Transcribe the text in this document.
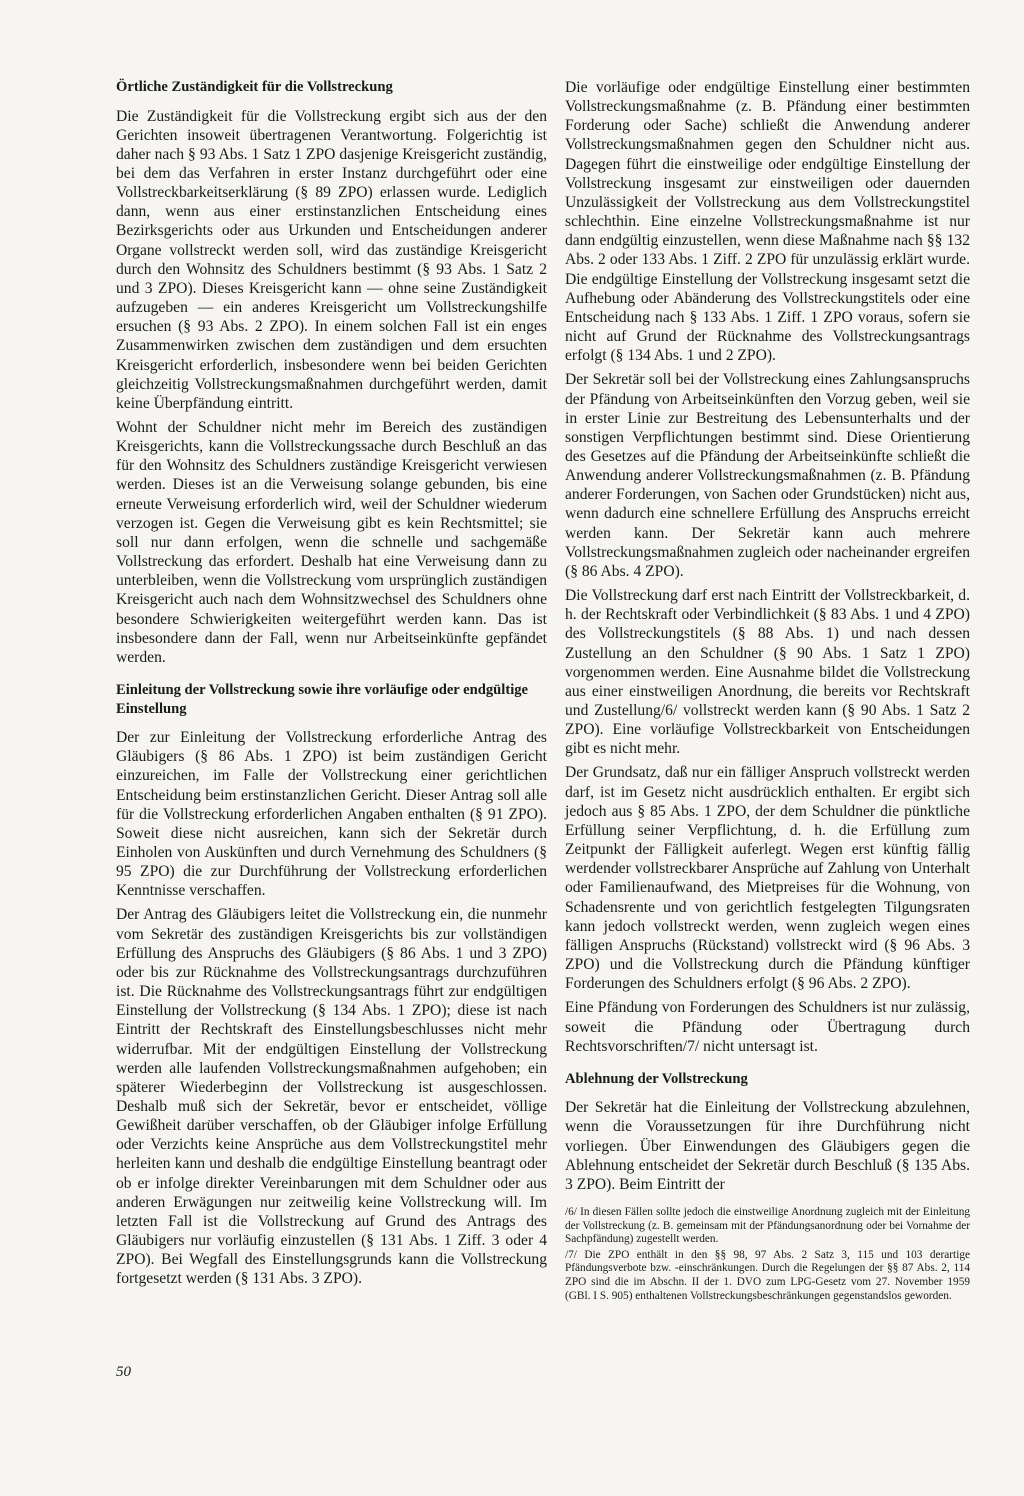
Örtliche Zuständigkeit für die Vollstreckung

Die Zuständigkeit für die Vollstreckung ergibt sich aus der den Gerichten insoweit übertragenen Verantwortung. Folgerichtig ist daher nach § 93 Abs. 1 Satz 1 ZPO dasjenige Kreisgericht zuständig, bei dem das Verfahren in erster Instanz durchgeführt oder eine Vollstreckbarkeitserklärung (§ 89 ZPO) erlassen wurde. Lediglich dann, wenn aus einer erstinstanzlichen Entscheidung eines Bezirksgerichts oder aus Urkunden und Entscheidungen anderer Organe vollstreckt werden soll, wird das zuständige Kreisgericht durch den Wohnsitz des Schuldners bestimmt (§ 93 Abs. 1 Satz 2 und 3 ZPO). Dieses Kreisgericht kann — ohne seine Zuständigkeit aufzugeben — ein anderes Kreisgericht um Vollstreckungshilfe ersuchen (§ 93 Abs. 2 ZPO). In einem solchen Fall ist ein enges Zusammenwirken zwischen dem zuständigen und dem ersuchten Kreisgericht erforderlich, insbesondere wenn bei beiden Gerichten gleichzeitig Vollstreckungsmaßnahmen durchgeführt werden, damit keine Überpfändung eintritt.

Wohnt der Schuldner nicht mehr im Bereich des zuständigen Kreisgerichts, kann die Vollstreckungssache durch Beschluß an das für den Wohnsitz des Schuldners zuständige Kreisgericht verwiesen werden. Dieses ist an die Verweisung solange gebunden, bis eine erneute Verweisung erforderlich wird, weil der Schuldner wiederum verzogen ist. Gegen die Verweisung gibt es kein Rechtsmittel; sie soll nur dann erfolgen, wenn die schnelle und sachgemäße Vollstreckung das erfordert. Deshalb hat eine Verweisung dann zu unterbleiben, wenn die Vollstreckung vom ursprünglich zuständigen Kreisgericht auch nach dem Wohnsitzwechsel des Schuldners ohne besondere Schwierigkeiten weitergeführt werden kann. Das ist insbesondere dann der Fall, wenn nur Arbeitseinkünfte gepfändet werden.

Einleitung der Vollstreckung sowie ihre vorläufige oder endgültige Einstellung

Der zur Einleitung der Vollstreckung erforderliche Antrag des Gläubigers (§ 86 Abs. 1 ZPO) ist beim zuständigen Gericht einzureichen, im Falle der Vollstreckung einer gerichtlichen Entscheidung beim erstinstanzlichen Gericht. Dieser Antrag soll alle für die Vollstreckung erforderlichen Angaben enthalten (§ 91 ZPO). Soweit diese nicht ausreichen, kann sich der Sekretär durch Einholen von Auskünften und durch Vernehmung des Schuldners (§ 95 ZPO) die zur Durchführung der Vollstreckung erforderlichen Kenntnisse verschaffen.

Der Antrag des Gläubigers leitet die Vollstreckung ein, die nunmehr vom Sekretär des zuständigen Kreisgerichts bis zur vollständigen Erfüllung des Anspruchs des Gläubigers (§ 86 Abs. 1 und 3 ZPO) oder bis zur Rücknahme des Vollstreckungsantrags durchzuführen ist. Die Rücknahme des Vollstreckungsantrags führt zur endgültigen Einstellung der Vollstreckung (§ 134 Abs. 1 ZPO); diese ist nach Eintritt der Rechtskraft des Einstellungsbeschlusses nicht mehr widerrufbar. Mit der endgültigen Einstellung der Vollstreckung werden alle laufenden Vollstreckungsmaßnahmen aufgehoben; ein späterer Wiederbeginn der Vollstreckung ist ausgeschlossen. Deshalb muß sich der Sekretär, bevor er entscheidet, völlige Gewißheit darüber verschaffen, ob der Gläubiger infolge Erfüllung oder Verzichts keine Ansprüche aus dem Vollstreckungstitel mehr herleiten kann und deshalb die endgültige Einstellung beantragt oder ob er infolge direkter Vereinbarungen mit dem Schuldner oder aus anderen Erwägungen nur zeitweilig keine Vollstreckung will. Im letzten Fall ist die Vollstreckung auf Grund des Antrags des Gläubigers nur vorläufig einzustellen (§ 131 Abs. 1 Ziff. 3 oder 4 ZPO). Bei Wegfall des Einstellungsgrunds kann die Vollstreckung fortgesetzt werden (§ 131 Abs. 3 ZPO).

Die vorläufige oder endgültige Einstellung einer bestimmten Vollstreckungsmaßnahme (z. B. Pfändung einer bestimmten Forderung oder Sache) schließt die Anwendung anderer Vollstreckungsmaßnahmen gegen den Schuldner nicht aus. Dagegen führt die einstweilige oder endgültige Einstellung der Vollstreckung insgesamt zur einstweiligen oder dauernden Unzulässigkeit der Vollstreckung aus dem Vollstreckungstitel schlechthin. Eine einzelne Vollstreckungsmaßnahme ist nur dann endgültig einzustellen, wenn diese Maßnahme nach §§ 132 Abs. 2 oder 133 Abs. 1 Ziff. 2 ZPO für unzulässig erklärt wurde. Die endgültige Einstellung der Vollstreckung insgesamt setzt die Aufhebung oder Abänderung des Vollstreckungstitels oder eine Entscheidung nach § 133 Abs. 1 Ziff. 1 ZPO voraus, sofern sie nicht auf Grund der Rücknahme des Vollstreckungsantrags erfolgt (§ 134 Abs. 1 und 2 ZPO).

Der Sekretär soll bei der Vollstreckung eines Zahlungsanspruchs der Pfändung von Arbeitseinkünften den Vorzug geben, weil sie in erster Linie zur Bestreitung des Lebensunterhalts und der sonstigen Verpflichtungen bestimmt sind. Diese Orientierung des Gesetzes auf die Pfändung der Arbeitseinkünfte schließt die Anwendung anderer Vollstreckungsmaßnahmen (z. B. Pfändung anderer Forderungen, von Sachen oder Grundstücken) nicht aus, wenn dadurch eine schnellere Erfüllung des Anspruchs erreicht werden kann. Der Sekretär kann auch mehrere Vollstreckungsmaßnahmen zugleich oder nacheinander ergreifen (§ 86 Abs. 4 ZPO).

Die Vollstreckung darf erst nach Eintritt der Vollstreckbarkeit, d. h. der Rechtskraft oder Verbindlichkeit (§ 83 Abs. 1 und 4 ZPO) des Vollstreckungstitels (§ 88 Abs. 1) und nach dessen Zustellung an den Schuldner (§ 90 Abs. 1 Satz 1 ZPO) vorgenommen werden. Eine Ausnahme bildet die Vollstreckung aus einer einstweiligen Anordnung, die bereits vor Rechtskraft und Zustellung/6/ vollstreckt werden kann (§ 90 Abs. 1 Satz 2 ZPO). Eine vorläufige Vollstreckbarkeit von Entscheidungen gibt es nicht mehr.

Der Grundsatz, daß nur ein fälliger Anspruch vollstreckt werden darf, ist im Gesetz nicht ausdrücklich enthalten. Er ergibt sich jedoch aus § 85 Abs. 1 ZPO, der dem Schuldner die pünktliche Erfüllung seiner Verpflichtung, d. h. die Erfüllung zum Zeitpunkt der Fälligkeit auferlegt. Wegen erst künftig fällig werdender vollstreckbarer Ansprüche auf Zahlung von Unterhalt oder Familienaufwand, des Mietpreises für die Wohnung, von Schadensrente und von gerichtlich festgelegten Tilgungsraten kann jedoch vollstreckt werden, wenn zugleich wegen eines fälligen Anspruchs (Rückstand) vollstreckt wird (§ 96 Abs. 3 ZPO) und die Vollstreckung durch die Pfändung künftiger Forderungen des Schuldners erfolgt (§ 96 Abs. 2 ZPO).

Eine Pfändung von Forderungen des Schuldners ist nur zulässig, soweit die Pfändung oder Übertragung durch Rechtsvorschriften/7/ nicht untersagt ist.

Ablehnung der Vollstreckung

Der Sekretär hat die Einleitung der Vollstreckung abzulehnen, wenn die Voraussetzungen für ihre Durchführung nicht vorliegen. Über Einwendungen des Gläubigers gegen die Ablehnung entscheidet der Sekretär durch Beschluß (§ 135 Abs. 3 ZPO). Beim Eintritt der

/6/ In diesen Fällen sollte jedoch die einstweilige Anordnung zugleich mit der Einleitung der Vollstreckung (z. B. gemeinsam mit der Pfändungsanordnung oder bei Vornahme der Sachpfändung) zugestellt werden.

/7/ Die ZPO enthält in den §§ 98, 97 Abs. 2 Satz 3, 115 und 103 derartige Pfändungsverbote bzw. -einschränkungen. Durch die Regelungen der §§ 87 Abs. 2, 114 ZPO sind die im Abschn. II der 1. DVO zum LPG-Gesetz vom 27. November 1959 (GBl. I S. 905) enthaltenen Vollstreckungsbeschränkungen gegenstandslos geworden.

50
